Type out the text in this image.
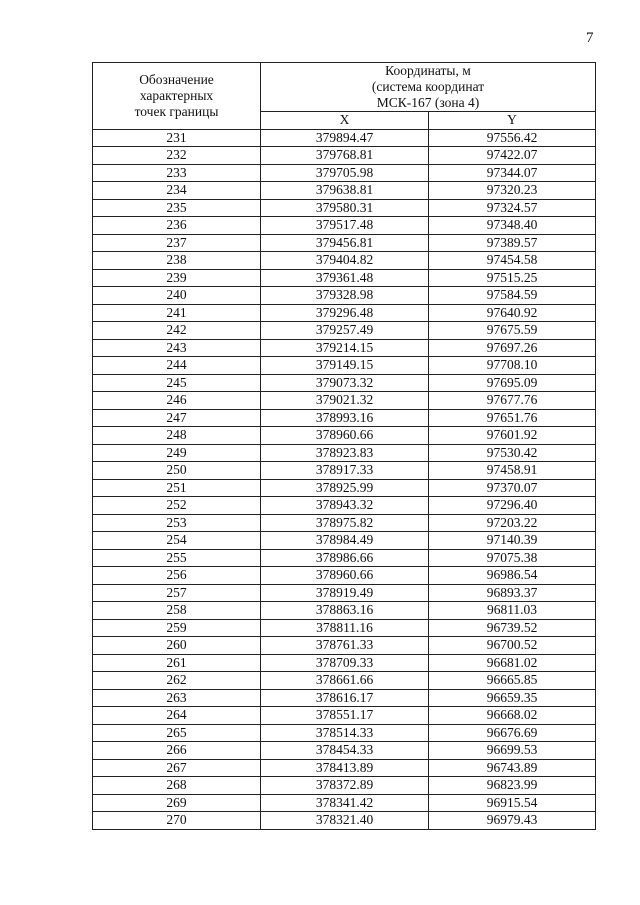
7
Обозначение
характерных
точек границы	Координаты, м
(система координат
МСК-167 (зона 4)	
	X	Y
231	379894.47	97556.42
232	379768.81	97422.07
233	379705.98	97344.07
234	379638.81	97320.23
235	379580.31	97324.57
236	379517.48	97348.40
237	379456.81	97389.57
238	379404.82	97454.58
239	379361.48	97515.25
240	379328.98	97584.59
241	379296.48	97640.92
242	379257.49	97675.59
243	379214.15	97697.26
244	379149.15	97708.10
245	379073.32	97695.09
246	379021.32	97677.76
247	378993.16	97651.76
248	378960.66	97601.92
249	378923.83	97530.42
250	378917.33	97458.91
251	378925.99	97370.07
252	378943.32	97296.40
253	378975.82	97203.22
254	378984.49	97140.39
255	378986.66	97075.38
256	378960.66	96986.54
257	378919.49	96893.37
258	378863.16	96811.03
259	378811.16	96739.52
260	378761.33	96700.52
261	378709.33	96681.02
262	378661.66	96665.85
263	378616.17	96659.35
264	378551.17	96668.02
265	378514.33	96676.69
266	378454.33	96699.53
267	378413.89	96743.89
268	378372.89	96823.99
269	378341.42	96915.54
270	378321.40	96979.43
